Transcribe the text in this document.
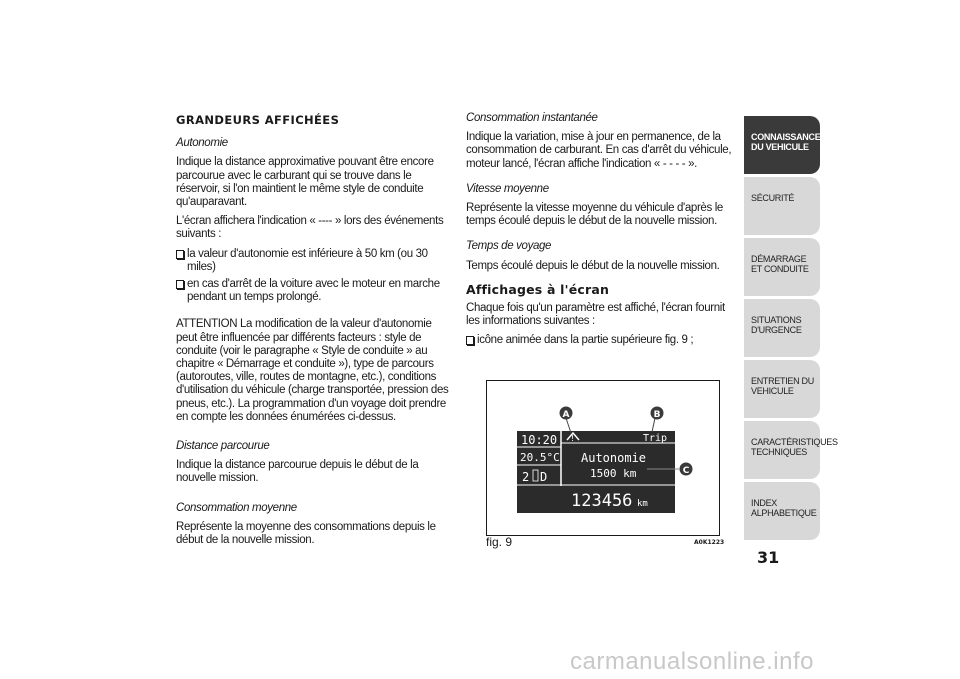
GRANDEURS AFFICHÉES

Autonomie

Indique la distance approximative pouvant être encore parcourue avec le carburant qui se trouve dans le réservoir, si l'on maintient le même style de conduite qu'auparavant.

L'écran affichera l'indication « ---- » lors des événements suivants :

la valeur d'autonomie est inférieure à 50 km (ou 30 miles)
en cas d'arrêt de la voiture avec le moteur en marche pendant un temps prolongé.

ATTENTION La modification de la valeur d'autonomie peut être influencée par différents facteurs : style de conduite (voir le paragraphe « Style de conduite » au chapitre « Démarrage et conduite »), type de parcours (autoroutes, ville, routes de montagne, etc.), conditions d'utilisation du véhicule (charge transportée, pression des pneus, etc.). La programmation d'un voyage doit prendre en compte les données énumérées ci-dessus.

Distance parcourue

Indique la distance parcourue depuis le début de la nouvelle mission.

Consommation moyenne

Représente la moyenne des consommations depuis le début de la nouvelle mission.

Consommation instantanée

Indique la variation, mise à jour en permanence, de la consommation de carburant. En cas d'arrêt du véhicule, moteur lancé, l'écran affiche l'indication « - - - - ».

Vitesse moyenne

Représente la vitesse moyenne du véhicule d'après le temps écoulé depuis le début de la nouvelle mission.

Temps de voyage

Temps écoulé depuis le début de la nouvelle mission.

Affichages à l'écran

Chaque fois qu'un paramètre est affiché, l'écran fournit les informations suivantes :

icône animée dans la partie supérieure fig. 9 ;
10:20
20.5°C
2 D
!	Trip
Autonomie
1500 km
123456 km
A	B
C
fig. 9	A0K1223
CONNAISSANCE DU VEHICULE
SÉCURITÉ
DÉMARRAGE ET CONDUITE
SITUATIONS D'URGENCE
ENTRETIEN DU VEHICULE
CARACTÉRISTIQUES TECHNIQUES
INDEX ALPHABETIQUE
31
carmanualsonline.info
